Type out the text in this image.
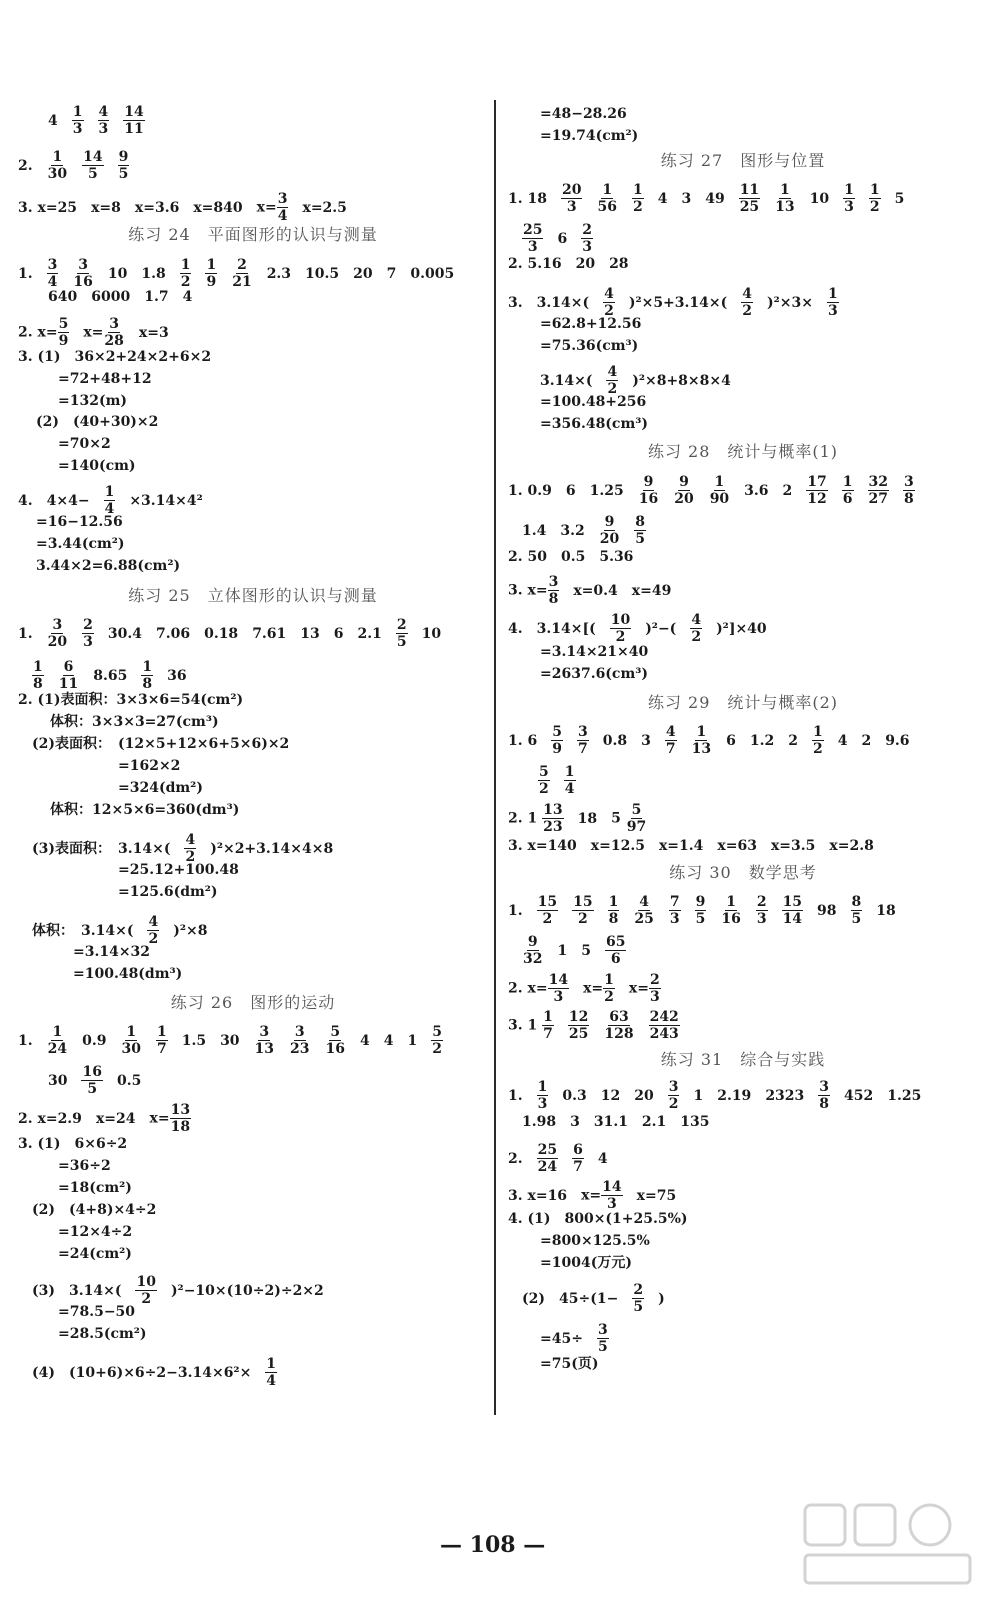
$4 \frac{1}{3} \frac{4}{3} \frac{14}{11}$
2. $\frac{1}{30} \frac{14}{5} \frac{9}{5}$
3. x=25 x=8 x=3.6 x=840 $x= \frac{3}{4} x=2.5$
练习 24　平面图形的认识与测量
1. $\frac{3}{4} \frac{3}{16} 10$ $1.8 \frac{1}{2} \frac{1}{9} \frac{2}{21} 2.3$ 10.5 20 7 0.005
640 6000 1.7 4
2. $x= \frac{5}{9} x= \frac{3}{28} x=3$
3. (1)　36×2+24×2+6×2
=72+48+12
=132(m)
(2)　(40+30)×2
=70×2
=140(cm)
4.　$4\times 4- \frac{1}{4} \times 3.14\times 4^2$
=16−12.56
=3.44(cm²)
3.44×2=6.88(cm²)
练习 25　立体图形的认识与测量
1. $\frac{3}{20} \frac{2}{3} 30.4$ 7.06 0.18 7.61 13 6 $2.1 \frac{2}{5} 10$
$\frac{1}{8} \frac{6}{11} 8.65 \frac{1}{8} 36$
2. (1)表面积：3×3×6=54(cm²)
体积：3×3×3=27(cm³)
(2)表面积：　(12×5+12×6+5×6)×2
=162×2
=324(dm²)
体积：12×5×6=360(dm³)
(3)表面积：　$3.14\times( \frac{4}{2} )^2\times 2+3.14\times 4\times 8$
=25.12+100.48
=125.6(dm²)
体积：　$3.14\times( \frac{4}{2} )^2\times 8$
=3.14×32
=100.48(dm³)
练习 26　图形的运动
1. $\frac{1}{24} 0.9 \frac{1}{30} \frac{1}{7} 1.5$ $30 \frac{3}{13} \frac{3}{23} \frac{5}{16} 4$ 4 $1 \frac{5}{2}$
$30 \frac{16}{5} 0.5$
2. x=2.9 x=24 $x= \frac{13}{18}$
3. (1)　6×6÷2
=36÷2
=18(cm²)
(2)　(4+8)×4÷2
=12×4÷2
=24(cm²)
(3)　$3.14\times( \frac{10}{2} )^2-10\times(10\div 2)\div 2\times 2$
=78.5−50
=28.5(cm²)
(4)　$(10+6)\times 6\div 2-3.14\times 6^2\times \frac{1}{4}$
=48−28.26
=19.74(cm²)
练习 27　图形与位置
1. $18 \frac{20}{3} \frac{1}{56} \frac{1}{2} 4$ 3 $49 \frac{11}{25} \frac{1}{13} 10 \frac{1}{3} \frac{1}{2} 5$
$\frac{25}{3} 6 \frac{2}{3}$
2. 5.16　20　28
3.　$3.14\times( \frac{4}{2} )^2\times 5+3.14\times( \frac{4}{2} )^2\times 3\times \frac{1}{3}$
=62.8+12.56
=75.36(cm³)
$3.14\times( \frac{4}{2} )^2\times 8+8\times 8\times 4$
=100.48+256
=356.48(cm³)
练习 28　统计与概率(1)
1. 0.9 6 $1.25 \frac{9}{16} \frac{9}{20} \frac{1}{90} 3.6$ $2 \frac{17}{12} \frac{1}{6} \frac{32}{27} \frac{3}{8}$
1.4 $3.2 \frac{9}{20} \frac{8}{5}$
2. 50　0.5　5.36
3. $x= \frac{3}{8} x=0.4$ x=49
4.　$3.14\times[( \frac{10}{2} )^2-( \frac{4}{2} )^2]\times 40$
=3.14×21×40
=2637.6(cm³)
练习 29　统计与概率(2)
1. $6 \frac{5}{9} \frac{3}{7} 0.8$ $3 \frac{4}{7} \frac{1}{13} 6$ 1.2 $2 \frac{1}{2} 4$ 2 9.6
$\frac{5}{2} \frac{1}{4}$
2. $1 \frac{13}{23} 18$ $5 \frac{5}{97}$
3. x=140　x=12.5　x=1.4　x=63　x=3.5　x=2.8
练习 30　数学思考
1. $\frac{15}{2} \frac{15}{2} \frac{1}{8} \frac{4}{25} \frac{7}{3} \frac{9}{5} \frac{1}{16} \frac{2}{3} \frac{15}{14} 98 \frac{8}{5} 18$
$\frac{9}{32} 1$ $5 \frac{65}{6}$
2. $x= \frac{14}{3} x= \frac{1}{2} x= \frac{2}{3}$
3. $1 \frac{1}{7} \frac{12}{25} \frac{63}{128} \frac{242}{243}$
练习 31　综合与实践
1. $\frac{1}{3} 0.3$ 12 $20 \frac{3}{2} 1$ 2.19 $2323 \frac{3}{8} 452$ 1.25
1.98　3　31.1　2.1　135
2. $\frac{25}{24} \frac{6}{7} 4$
3. x=16 $x= \frac{14}{3} x=75$
4. (1)　800×(1+25.5%)
=800×125.5%
=1004(万元)
(2)　$45\div(1- \frac{2}{5}$ )
$=45\div \frac{3}{5}$
=75(页)
— 108 —
